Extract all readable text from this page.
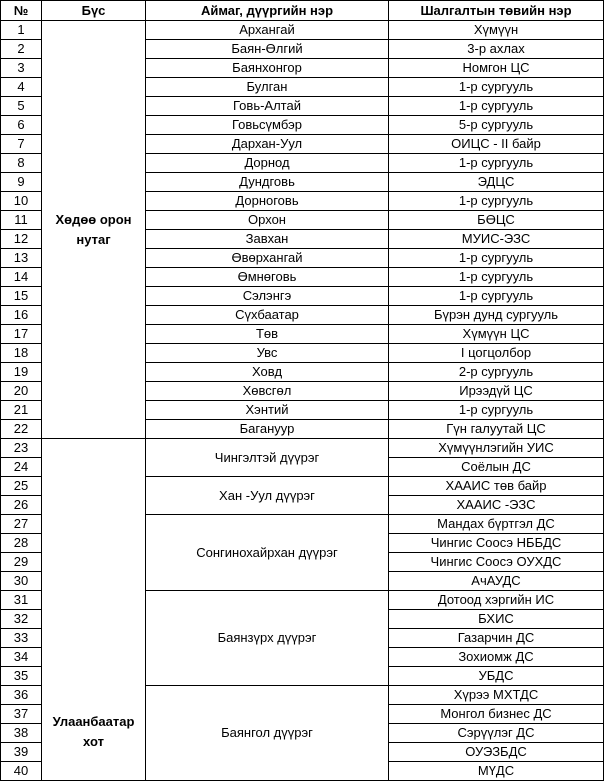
№	Бүс	Аймаг, дүүргийн нэр	Шалгалтын төвийн нэр
1	Хөдөө орон нутаг	Архангай	Хүмүүн
2		Баян-Өлгий	3-р ахлах
3		Баянхонгор	Номгон ЦС
4		Булган	1-р сургууль
5		Говь-Алтай	1-р сургууль
6		Говьсүмбэр	5-р сургууль
7		Дархан-Уул	ОИЦС - II байр
8		Дорнод	1-р сургууль
9		Дундговь	ЭДЦС
10		Дорноговь	1-р сургууль
11		Орхон	БӨЦС
12		Завхан	МУИС-ЭЗС
13		Өвөрхангай	1-р сургууль
14		Өмнөговь	1-р сургууль
15		Сэлэнгэ	1-р сургууль
16		Сүхбаатар	Бүрэн дунд сургууль
17		Төв	Хүмүүн ЦС
18		Увс	I цогцолбор
19		Ховд	2-р сургууль
20		Хөвсгөл	Ирээдүй ЦС
21		Хэнтий	1-р сургууль
22		Багануур	Гүн галуутай ЦС
23	Улаанбаатар хот	Чингэлтэй дүүрэг	Хүмүүнлэгийн УИС
24			Соёлын ДС
25		Хан -Уул дүүрэг	ХААИС төв байр
26			ХААИС -ЭЗС
27		Сонгинохайрхан дүүрэг	Мандах бүртгэл ДС
28			Чингис Соосэ НББДС
29			Чингис Соосэ ОУХДС
30			АчАУДС
31		Баянзүрх дүүрэг	Дотоод хэргийн ИС
32			БХИС
33			Газарчин ДС
34			Зохиомж ДС
35			УБДС
36		Баянгол дүүрэг	Хүрээ МХТДС
37			Монгол бизнес ДС
38			Сэрүүлэг ДС
39			ОУЭЗБДС
40			МҮДС
